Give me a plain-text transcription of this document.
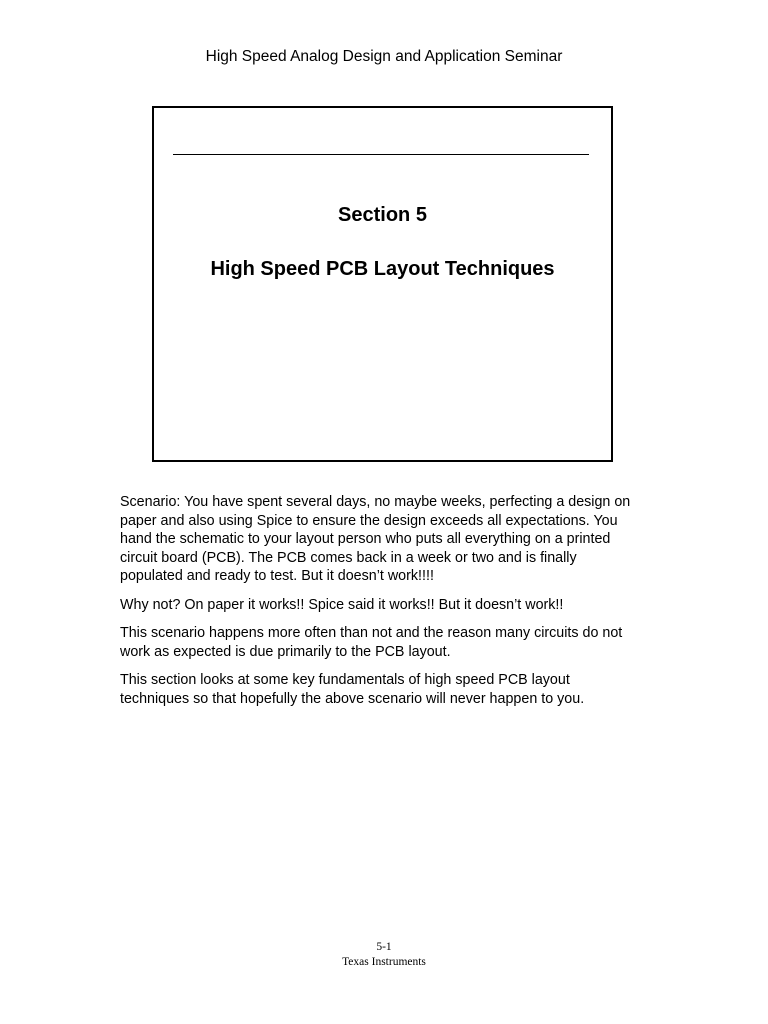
High Speed Analog Design and Application Seminar
Section 5
High Speed PCB Layout Techniques

Scenario: You have spent several days, no maybe weeks, perfecting a design on paper and also using Spice to ensure the design exceeds all expectations. You hand the schematic to your layout person who puts all everything on a printed circuit board (PCB). The PCB comes back in a week or two and is finally populated and ready to test. But it doesn’t work!!!!

Why not? On paper it works!! Spice said it works!! But it doesn’t work!!

This scenario happens more often than not and the reason many circuits do not work as expected is due primarily to the PCB layout.

This section looks at some key fundamentals of high speed PCB layout techniques so that hopefully the above scenario will never happen to you.

5-1
Texas Instruments
